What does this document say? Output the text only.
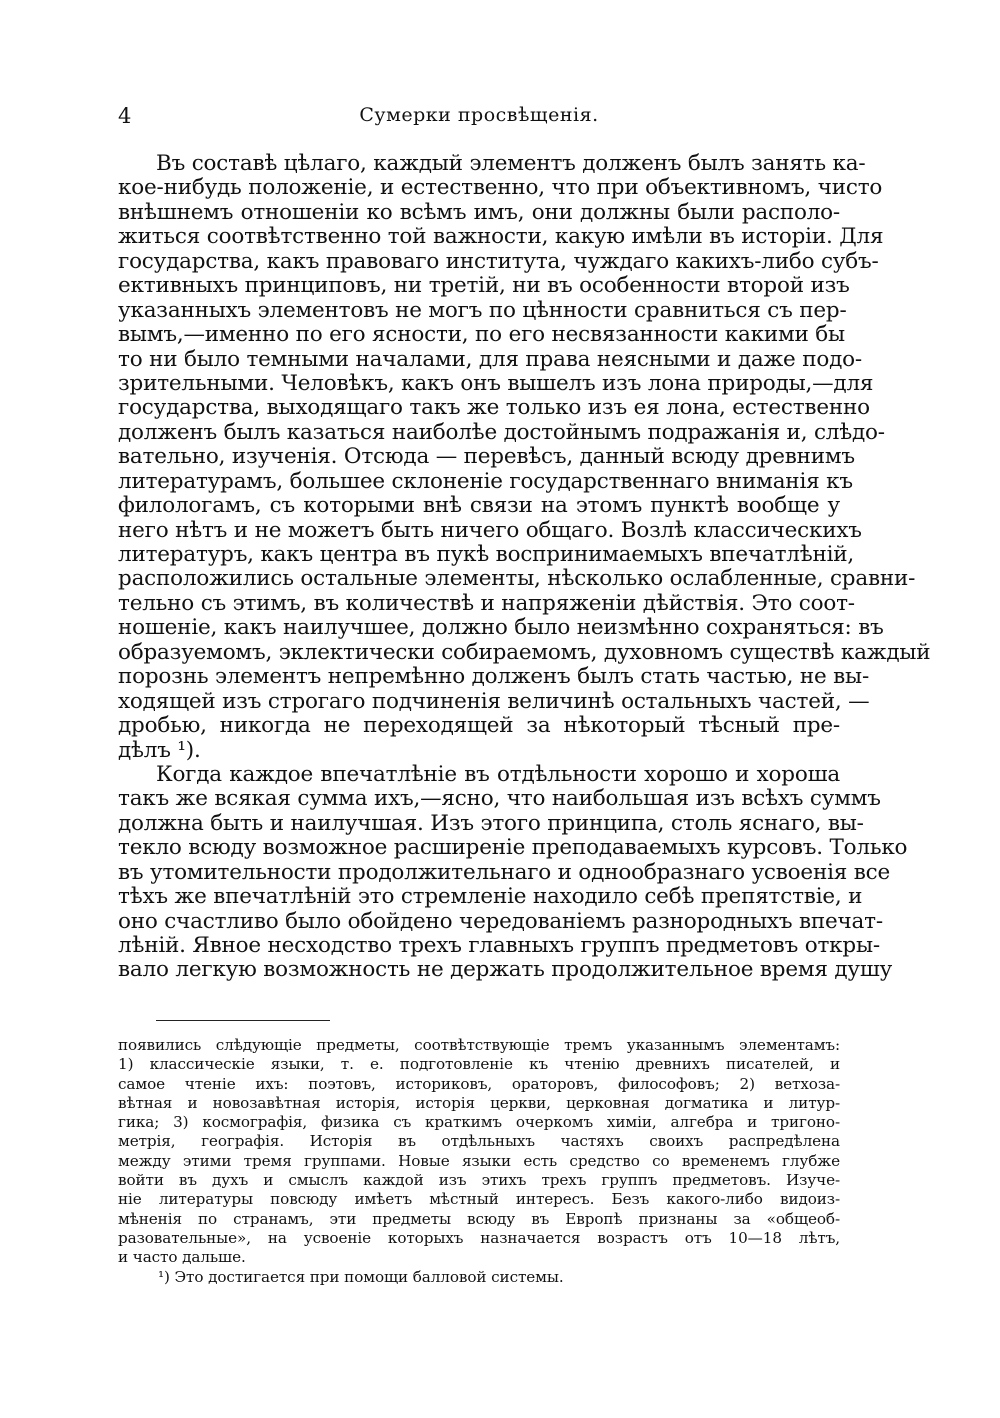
4	Сумерки просвѣщенія.
Въ составѣ цѣлаго, каждый элементъ долженъ былъ занять ка-
кое-нибудь положеніе, и естественно, что при объективномъ, чисто
внѣшнемъ отношеніи ко всѣмъ имъ, они должны были располо-
житься соотвѣтственно той важности, какую имѣли въ исторіи. Для
государства, какъ правоваго института, чуждаго какихъ-либо субъ-
ективныхъ принциповъ, ни третій, ни въ особенности второй изъ
указанныхъ элементовъ не могъ по цѣнности сравниться съ пер-
вымъ,—именно по его ясности, по его несвязанности какими бы
то ни было темными началами, для права неясными и даже подо-
зрительными. Человѣкъ, какъ онъ вышелъ изъ лона природы,—для
государства, выходящаго такъ же только изъ ея лона, естественно
долженъ былъ казаться наиболѣе достойнымъ подражанія и, слѣдо-
вательно, изученія. Отсюда — перевѣсъ, данный всюду древнимъ
литературамъ, большее склоненіе государственнаго вниманія къ
филологамъ, съ которыми внѣ связи на этомъ пунктѣ вообще у
него нѣтъ и не можетъ быть ничего общаго. Возлѣ классическихъ
литературъ, какъ центра въ пукѣ воспринимаемыхъ впечатлѣній,
расположились остальные элементы, нѣсколько ослабленные, сравни-
тельно съ этимъ, въ количествѣ и напряженіи дѣйствія. Это соот-
ношеніе, какъ наилучшее, должно было неизмѣнно сохраняться: въ
образуемомъ, эклектически собираемомъ, духовномъ существѣ каждый
порознь элементъ непремѣнно долженъ былъ стать частью, не вы-
ходящей изъ строгаго подчиненія величинѣ остальныхъ частей, —
дробью, никогда не переходящей за нѣкоторый тѣсный пре-
дѣлъ ¹).
Когда каждое впечатлѣніе въ отдѣльности хорошо и хороша
такъ же всякая сумма ихъ,—ясно, что наибольшая изъ всѣхъ суммъ
должна быть и наилучшая. Изъ этого принципа, столь яснаго, вы-
текло всюду возможное расширеніе преподаваемыхъ курсовъ. Только
въ утомительности продолжительнаго и однообразнаго усвоенія все
тѣхъ же впечатлѣній это стремленіе находило себѣ препятствіе, и
оно счастливо было обойдено чередованіемъ разнородныхъ впечат-
лѣній. Явное несходство трехъ главныхъ группъ предметовъ откры-
вало легкую возможность не держать продолжительное время душу
появились слѣдующіе предметы, соотвѣтствующіе тремъ указаннымъ элементамъ:
1) классическіе языки, т. е. подготовленіе къ чтенію древнихъ писателей, и
самое чтеніе ихъ: поэтовъ, историковъ, ораторовъ, философовъ; 2) ветхоза-
вѣтная и новозавѣтная исторія, исторія церкви, церковная догматика и литур-
гика; 3) космографія, физика съ краткимъ очеркомъ химіи, алгебра и тригоно-
метрія, географія. Исторія въ отдѣльныхъ частяхъ своихъ распредѣлена
между этими тремя группами. Новые языки есть средство со временемъ глубже
войти въ духъ и смыслъ каждой изъ этихъ трехъ группъ предметовъ. Изуче-
ніе литературы повсюду имѣетъ мѣстный интересъ. Безъ какого-либо видоиз-
мѣненія по странамъ, эти предметы всюду въ Европѣ признаны за «общеоб-
разовательные», на усвоеніе которыхъ назначается возрастъ отъ 10—18 лѣтъ,
и часто дальше.
¹) Это достигается при помощи балловой системы.
